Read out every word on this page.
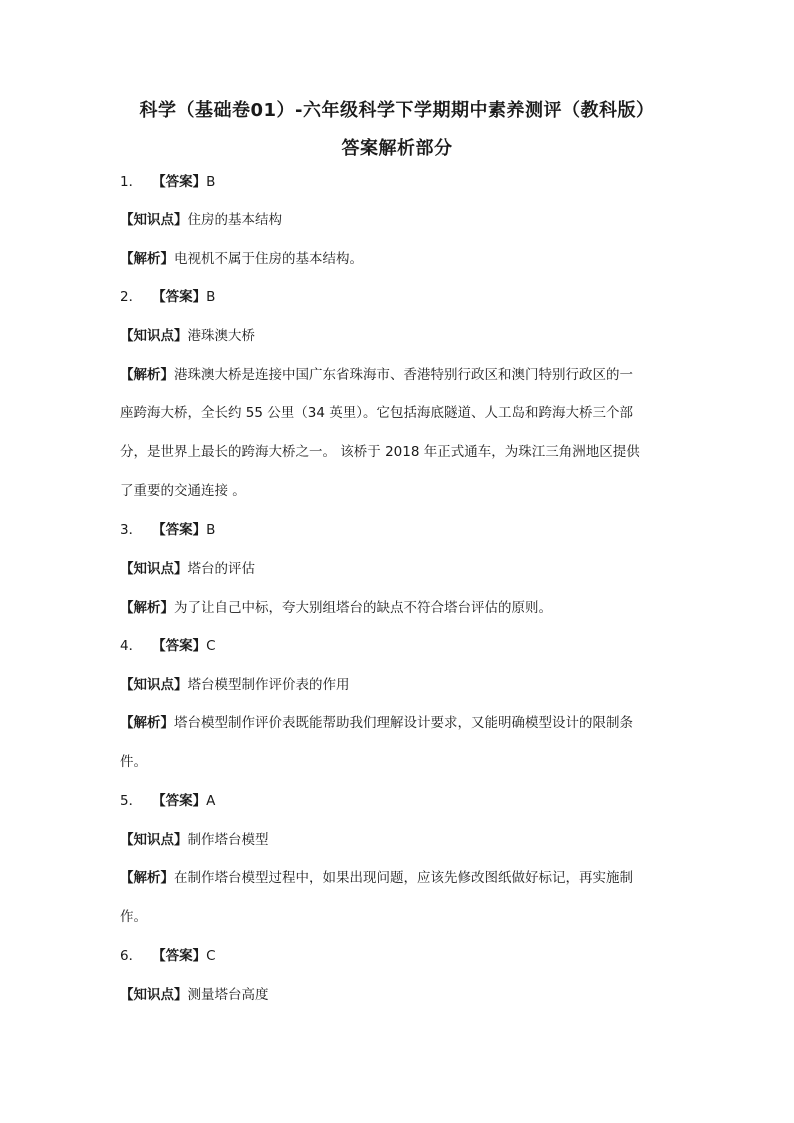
科学（基础卷01）-六年级科学下学期期中素养测评（教科版）
答案解析部分
1． 【答案】B
【知识点】住房的基本结构
【解析】电视机不属于住房的基本结构。
2． 【答案】B
【知识点】港珠澳大桥
【解析】港珠澳大桥是连接中国广东省珠海市、香港特别行政区和澳门特别行政区的一
座跨海大桥，全长约 55 公里（34 英里）。它包括海底隧道、人工岛和跨海大桥三个部
分，是世界上最长的跨海大桥之一。 该桥于 2018 年正式通车，为珠江三角洲地区提供
了重要的交通连接 。
3． 【答案】B
【知识点】塔台的评估
【解析】为了让自己中标，夸大别组塔台的缺点不符合塔台评估的原则。
4． 【答案】C
【知识点】塔台模型制作评价表的作用
【解析】塔台模型制作评价表既能帮助我们理解设计要求，又能明确模型设计的限制条
件。
5． 【答案】A
【知识点】制作塔台模型
【解析】在制作塔台模型过程中，如果出现问题，应该先修改图纸做好标记，再实施制
作。
6． 【答案】C
【知识点】测量塔台高度
